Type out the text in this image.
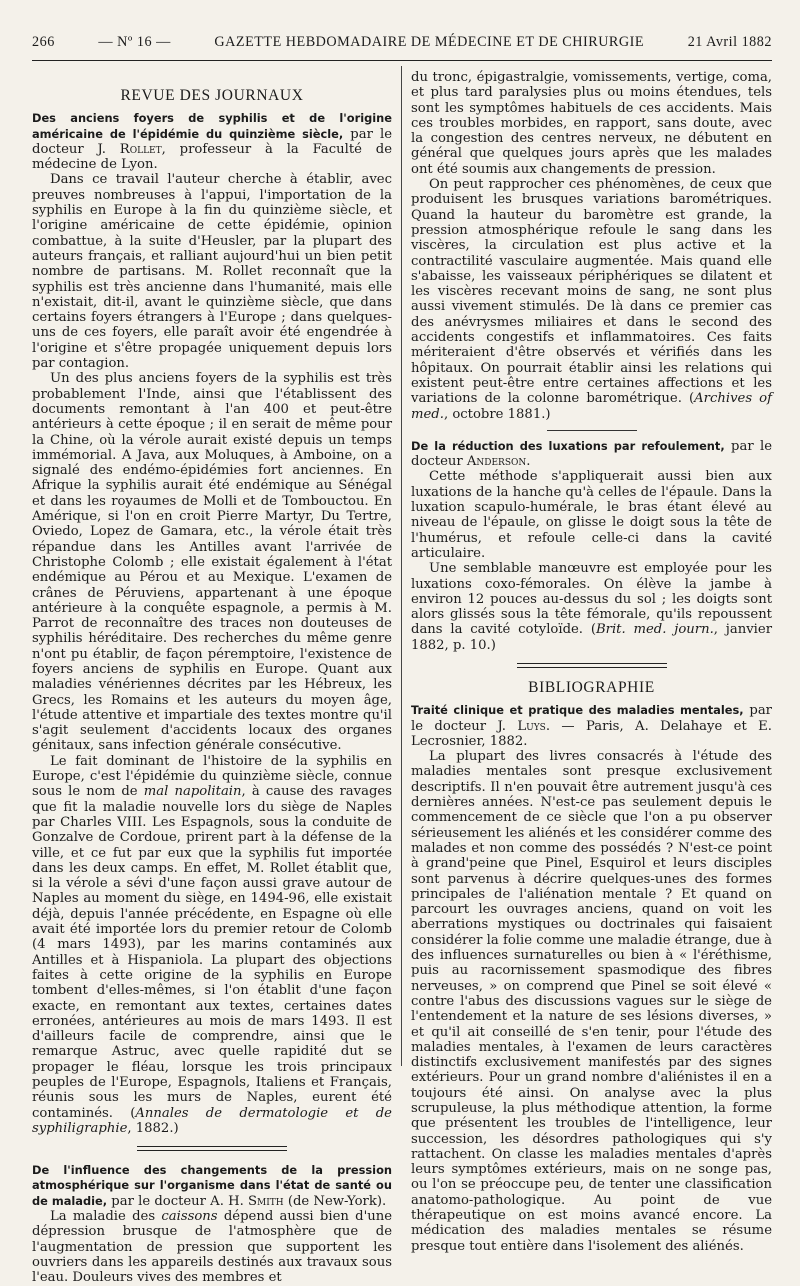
266	— Nº 16 —	GAZETTE HEBDOMADAIRE DE MÉDECINE ET DE CHIRURGIE	21 Avril 1882
REVUE DES JOURNAUX

Des anciens foyers de syphilis et de l'origine américaine de l'épidémie du quinzième siècle, par le docteur J. Rollet, professeur à la Faculté de médecine de Lyon.

Dans ce travail l'auteur cherche à établir, avec preuves nombreuses à l'appui, l'importation de la syphilis en Europe à la fin du quinzième siècle, et l'origine américaine de cette épidémie, opinion combattue, à la suite d'Heusler, par la plupart des auteurs français, et ralliant aujourd'hui un bien petit nombre de partisans. M. Rollet reconnaît que la syphilis est très ancienne dans l'humanité, mais elle n'existait, dit-il, avant le quinzième siècle, que dans certains foyers étrangers à l'Europe ; dans quelques-uns de ces foyers, elle paraît avoir été engendrée à l'origine et s'être propagée uniquement depuis lors par contagion.

Un des plus anciens foyers de la syphilis est très probablement l'Inde, ainsi que l'établissent des documents remontant à l'an 400 et peut-être antérieurs à cette époque ; il en serait de même pour la Chine, où la vérole aurait existé depuis un temps immémorial. A Java, aux Moluques, à Amboine, on a signalé des endémo-épidémies fort anciennes. En Afrique la syphilis aurait été endémique au Sénégal et dans les royaumes de Molli et de Tombouctou. En Amérique, si l'on en croit Pierre Martyr, Du Tertre, Oviedo, Lopez de Gamara, etc., la vérole était très répandue dans les Antilles avant l'arrivée de Christophe Colomb ; elle existait également à l'état endémique au Pérou et au Mexique. L'examen de crânes de Péruviens, appartenant à une époque antérieure à la conquête espagnole, a permis à M. Parrot de reconnaître des traces non douteuses de syphilis héréditaire. Des recherches du même genre n'ont pu établir, de façon péremptoire, l'existence de foyers anciens de syphilis en Europe. Quant aux maladies vénériennes décrites par les Hébreux, les Grecs, les Romains et les auteurs du moyen âge, l'étude attentive et impartiale des textes montre qu'il s'agit seulement d'accidents locaux des organes génitaux, sans infection générale consécutive.

Le fait dominant de l'histoire de la syphilis en Europe, c'est l'épidémie du quinzième siècle, connue sous le nom de mal napolitain, à cause des ravages que fit la maladie nouvelle lors du siège de Naples par Charles VIII. Les Espagnols, sous la conduite de Gonzalve de Cordoue, prirent part à la défense de la ville, et ce fut par eux que la syphilis fut importée dans les deux camps. En effet, M. Rollet établit que, si la vérole a sévi d'une façon aussi grave autour de Naples au moment du siège, en 1494-96, elle existait déjà, depuis l'année précédente, en Espagne où elle avait été importée lors du premier retour de Colomb (4 mars 1493), par les marins contaminés aux Antilles et à Hispaniola. La plupart des objections faites à cette origine de la syphilis en Europe tombent d'elles-mêmes, si l'on établit d'une façon exacte, en remontant aux textes, certaines dates erronées, antérieures au mois de mars 1493. Il est d'ailleurs facile de comprendre, ainsi que le remarque Astruc, avec quelle rapidité dut se propager le fléau, lorsque les trois principaux peuples de l'Europe, Espagnols, Italiens et Français, réunis sous les murs de Naples, eurent été contaminés. (Annales de dermatologie et de syphiligraphie, 1882.)

De l'influence des changements de la pression atmosphérique sur l'organisme dans l'état de santé ou de maladie, par le docteur A. H. Smith (de New-York).

La maladie des caissons dépend aussi bien d'une dépression brusque de l'atmosphère que de l'augmentation de pression que supportent les ouvriers dans les appareils destinés aux travaux sous l'eau. Douleurs vives des membres et

du tronc, épigastralgie, vomissements, vertige, coma, et plus tard paralysies plus ou moins étendues, tels sont les symptômes habituels de ces accidents. Mais ces troubles morbides, en rapport, sans doute, avec la congestion des centres nerveux, ne débutent en général que quelques jours après que les malades ont été soumis aux changements de pression.

On peut rapprocher ces phénomènes, de ceux que produisent les brusques variations barométriques. Quand la hauteur du baromètre est grande, la pression atmosphérique refoule le sang dans les viscères, la circulation est plus active et la contractilité vasculaire augmentée. Mais quand elle s'abaisse, les vaisseaux périphériques se dilatent et les viscères recevant moins de sang, ne sont plus aussi vivement stimulés. De là dans ce premier cas des anévrysmes miliaires et dans le second des accidents congestifs et inflammatoires. Ces faits mériteraient d'être observés et vérifiés dans les hôpitaux. On pourrait établir ainsi les relations qui existent peut-être entre certaines affections et les variations de la colonne barométrique. (Archives of med., octobre 1881.)

De la réduction des luxations par refoulement, par le docteur Anderson.

Cette méthode s'appliquerait aussi bien aux luxations de la hanche qu'à celles de l'épaule. Dans la luxation scapulo-humérale, le bras étant élevé au niveau de l'épaule, on glisse le doigt sous la tête de l'humérus, et refoule celle-ci dans la cavité articulaire.

Une semblable manœuvre est employée pour les luxations coxo-fémorales. On élève la jambe à environ 12 pouces au-dessus du sol ; les doigts sont alors glissés sous la tête fémorale, qu'ils repoussent dans la cavité cotyloïde. (Brit. med. journ., janvier 1882, p. 10.)

BIBLIOGRAPHIE

Traité clinique et pratique des maladies mentales, par le docteur J. Luys. — Paris, A. Delahaye et E. Lecrosnier, 1882.

La plupart des livres consacrés à l'étude des maladies mentales sont presque exclusivement descriptifs. Il n'en pouvait être autrement jusqu'à ces dernières années. N'est-ce pas seulement depuis le commencement de ce siècle que l'on a pu observer sérieusement les aliénés et les considérer comme des malades et non comme des possédés ? N'est-ce point à grand'peine que Pinel, Esquirol et leurs disciples sont parvenus à décrire quelques-unes des formes principales de l'aliénation mentale ? Et quand on parcourt les ouvrages anciens, quand on voit les aberrations mystiques ou doctrinales qui faisaient considérer la folie comme une maladie étrange, due à des influences surnaturelles ou bien à « l'éréthisme, puis au racornissement spasmodique des fibres nerveuses, » on comprend que Pinel se soit élevé « contre l'abus des discussions vagues sur le siège de l'entendement et la nature de ses lésions diverses, » et qu'il ait conseillé de s'en tenir, pour l'étude des maladies mentales, à l'examen de leurs caractères distinctifs exclusivement manifestés par des signes extérieurs. Pour un grand nombre d'aliénistes il en a toujours été ainsi. On analyse avec la plus scrupuleuse, la plus méthodique attention, la forme que présentent les troubles de l'intelligence, leur succession, les désordres pathologiques qui s'y rattachent. On classe les maladies mentales d'après leurs symptômes extérieurs, mais on ne songe pas, ou l'on se préoccupe peu, de tenter une classification anatomo-pathologique. Au point de vue thérapeutique on est moins avancé encore. La médication des maladies mentales se résume presque tout entière dans l'isolement des aliénés.
